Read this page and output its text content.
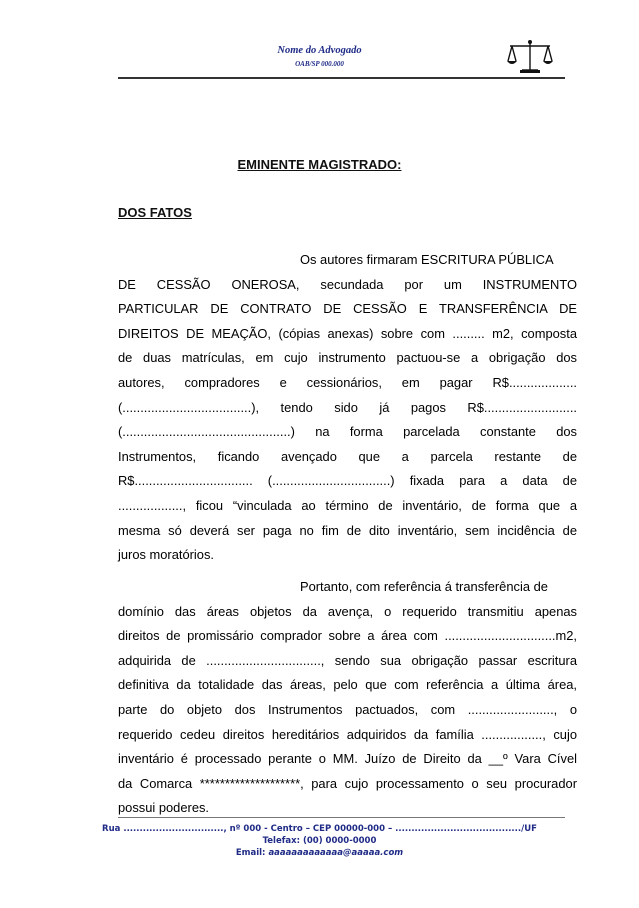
Nome do Advogado
OAB/SP 000.000
EMINENTE MAGISTRADO:
DOS FATOS
Os autores firmaram ESCRITURA PÚBLICA
DE CESSÃO ONEROSA, secundada por um INSTRUMENTO
PARTICULAR DE CONTRATO DE CESSÃO E TRANSFERÊNCIA DE
DIREITOS DE MEAÇÃO, (cópias anexas) sobre com ......... m2, composta
de duas matrículas, em cujo instrumento pactuou-se a obrigação dos
autores, compradores e cessionários, em pagar R$...................
(....................................), tendo sido já pagos R$..........................
(...............................................) na forma parcelada constante dos
Instrumentos, ficando avençado que a parcela restante de
R$................................. (.................................) fixada para a data de
.................., ficou “vinculada ao término de inventário, de forma que a
mesma só deverá ser paga no fim de dito inventário, sem incidência de
juros moratórios.
Portanto, com referência á transferência de
domínio das áreas objetos da avença, o requerido transmitiu apenas
direitos de promissário comprador sobre a área com ...............................m2,
adquirida de ................................, sendo sua obrigação passar escritura
definitiva da totalidade das áreas, pelo que com referência a última área,
parte do objeto dos Instrumentos pactuados, com ........................, o
requerido cedeu direitos hereditários adquiridos da família ................., cujo
inventário é processado perante o MM. Juízo de Direito da __º Vara Cível
da Comarca ********************, para cujo processamento o seu procurador
possui poderes.
Rua ..............................., nº 000 - Centro – CEP 00000-000 – ......................................./UF
Telefax: (00) 0000-0000
Email: aaaaaaaaaaaaa@aaaaa.com
